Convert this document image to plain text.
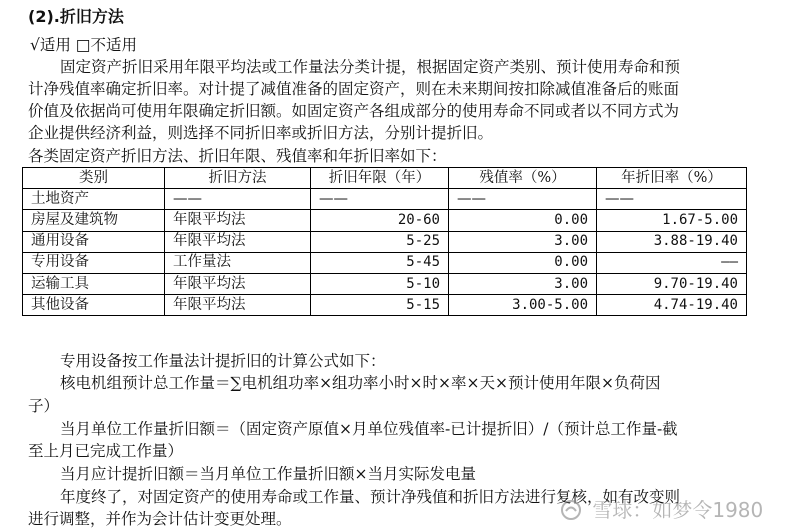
(2).折旧方法
√适用 □不适用
固定资产折旧采用年限平均法或工作量法分类计提，根据固定资产类别、预计使用寿命和预
计净残值率确定折旧率。对计提了减值准备的固定资产，则在未来期间按扣除减值准备后的账面
价值及依据尚可使用年限确定折旧额。如固定资产各组成部分的使用寿命不同或者以不同方式为
企业提供经济利益，则选择不同折旧率或折旧方法，分别计提折旧。
各类固定资产折旧方法、折旧年限、残值率和年折旧率如下：
类别	折旧方法	折旧年限（年）	残值率（%）	年折旧率（%）
土地资产	——	——	——	——
房屋及建筑物	年限平均法	20-60	0.00	1.67-5.00
通用设备	年限平均法	5-25	3.00	3.88-19.40
专用设备	工作量法	5-45	0.00	——
运输工具	年限平均法	5-10	3.00	9.70-19.40
其他设备	年限平均法	5-15	3.00-5.00	4.74-19.40
专用设备按工作量法计提折旧的计算公式如下：
核电机组预计总工作量＝∑电机组功率×组功率小时×时×率×天×预计使用年限×负荷因
子）
当月单位工作量折旧额＝（固定资产原值×月单位残值率-已计提折旧）/（预计总工作量-截
至上月已完成工作量）
当月应计提折旧额＝当月单位工作量折旧额×当月实际发电量
年度终了，对固定资产的使用寿命或工作量、预计净残值和折旧方法进行复核，如有改变则
进行调整，并作为会计估计变更处理。	雪球：如梦令1980
